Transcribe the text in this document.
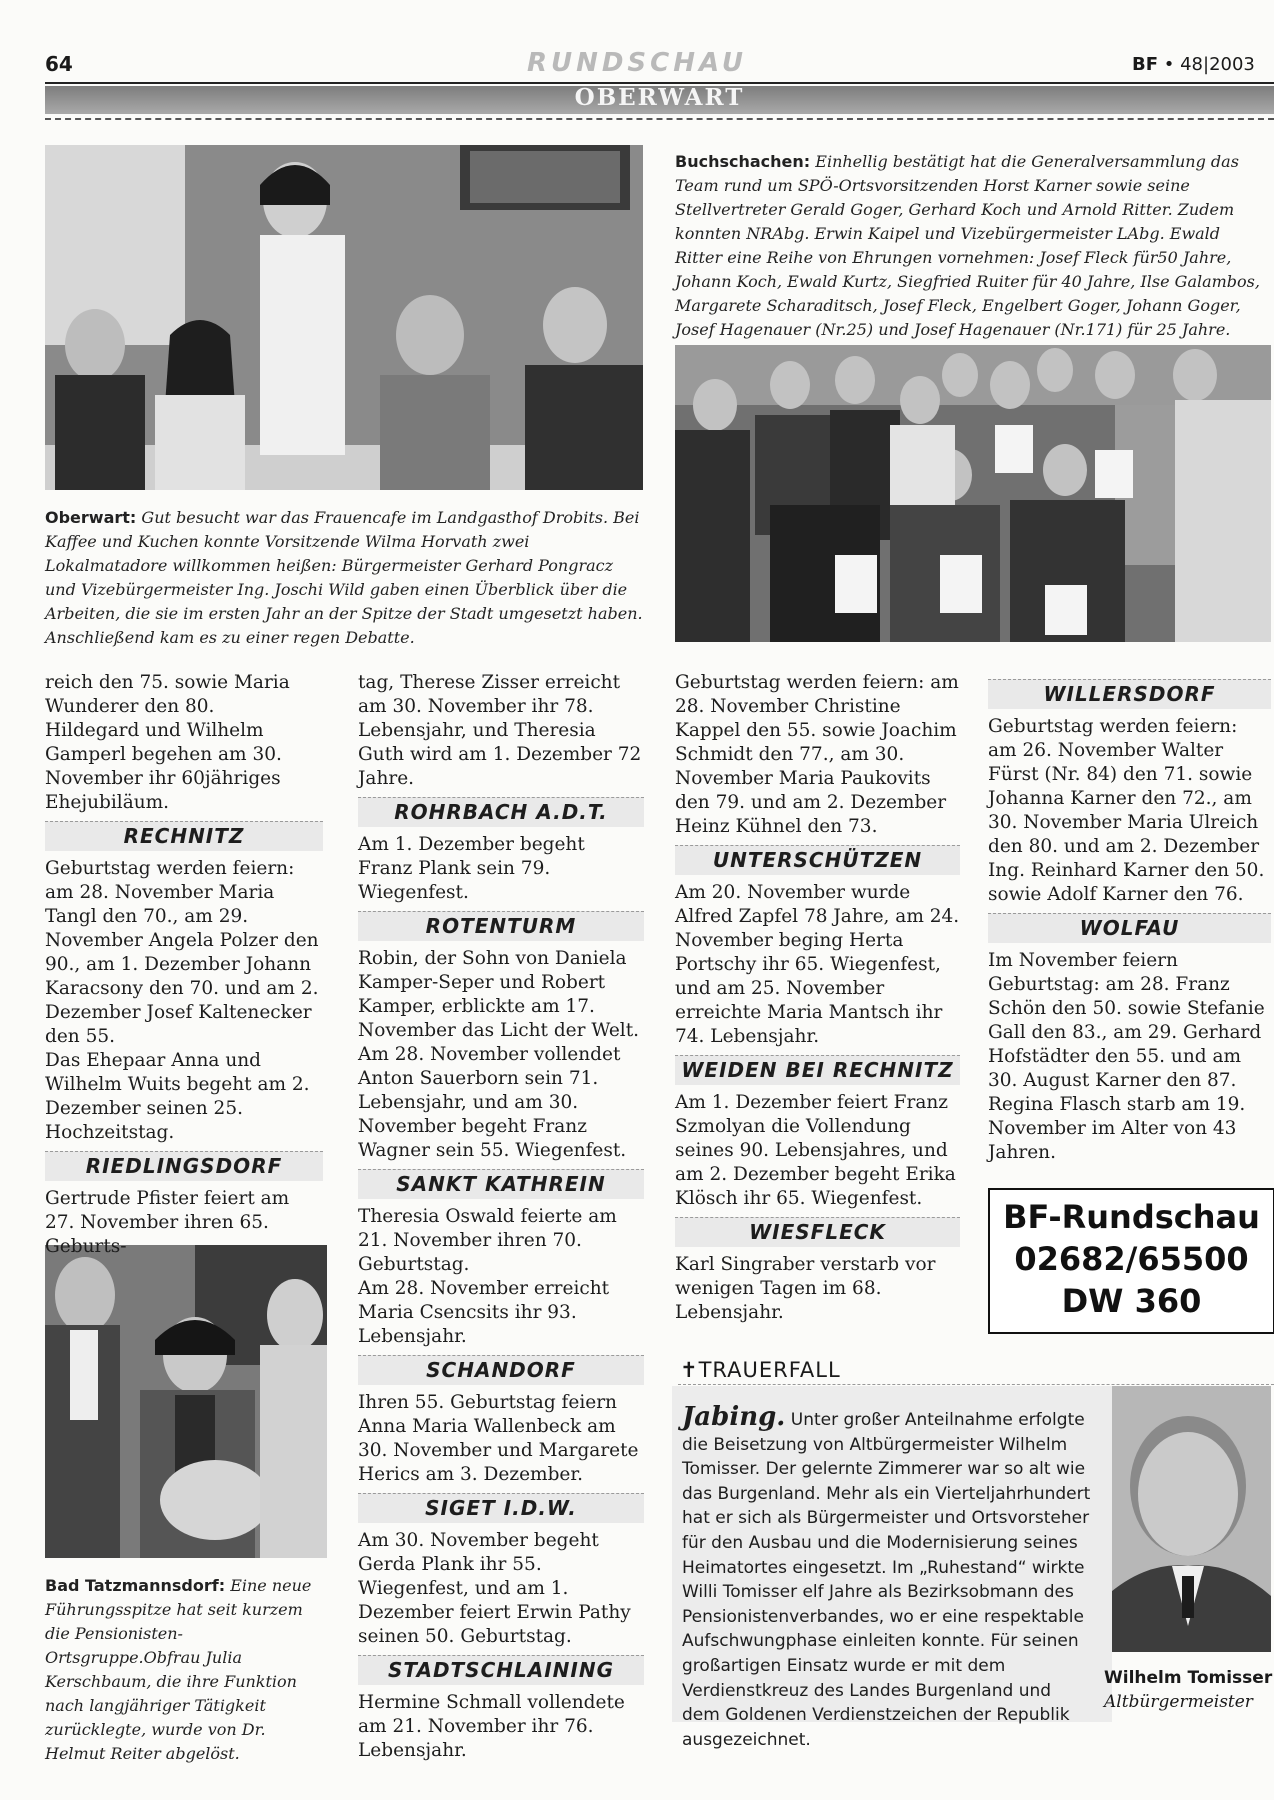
64	RUNDSCHAU	BF • 48|2003
OBERWART
Oberwart: Gut besucht war das Frauencafe im Landgasthof Drobits. Bei Kaffee und Kuchen konnte Vorsitzende Wilma Horvath zwei Lokalmatadore willkommen heißen: Bürgermeister Gerhard Pongracz und Vizebürgermeister Ing. Joschi Wild gaben einen Überblick über die Arbeiten, die sie im ersten Jahr an der Spitze der Stadt umgesetzt haben. Anschließend kam es zu einer regen Debatte.
Buchschachen: Einhellig bestätigt hat die Generalversammlung das Team rund um SPÖ-Ortsvorsitzenden Horst Karner sowie seine Stellvertreter Gerald Goger, Gerhard Koch und Arnold Ritter. Zudem konnten NRAbg. Erwin Kaipel und Vizebürgermeister LAbg. Ewald Ritter eine Reihe von Ehrungen vornehmen: Josef Fleck für50 Jahre, Johann Koch, Ewald Kurtz, Siegfried Ruiter für 40 Jahre, Ilse Galambos, Margarete Scharaditsch, Josef Fleck, Engelbert Goger, Johann Goger, Josef Hagenauer (Nr.25) und Josef Hagenauer (Nr.171) für 25 Jahre.
Bad Tatzmannsdorf: Eine neue Führungsspitze hat seit kurzem die Pensionisten-Ortsgruppe.Obfrau Julia Kerschbaum, die ihre Funktion nach langjähriger Tätigkeit zurücklegte, wurde von Dr. Helmut Reiter abgelöst.

reich den 75. sowie Maria Wunderer den 80.

Hildegard und Wilhelm Gamperl begehen am 30. November ihr 60jähriges Ehejubiläum.

RECHNITZ

Geburtstag werden feiern: am 28. November Maria Tangl den 70., am 29. November Angela Polzer den 90., am 1. Dezember Johann Karacsony den 70. und am 2. Dezember Josef Kaltenecker den 55.

Das Ehepaar Anna und Wilhelm Wuits begeht am 2. Dezember seinen 25. Hochzeitstag.

RIEDLINGSDORF

Gertrude Pfister feiert am 27. November ihren 65. Geburts-

tag, Therese Zisser erreicht am 30. November ihr 78. Lebensjahr, und Theresia Guth wird am 1. Dezember 72 Jahre.

ROHRBACH A.D.T.

Am 1. Dezember begeht Franz Plank sein 79. Wiegenfest.

ROTENTURM

Robin, der Sohn von Daniela Kamper-Seper und Robert Kamper, erblickte am 17. November das Licht der Welt.

Am 28. November vollendet Anton Sauerborn sein 71. Lebensjahr, und am 30. November begeht Franz Wagner sein 55. Wiegenfest.

SANKT KATHREIN

Theresia Oswald feierte am 21. November ihren 70. Geburtstag.

Am 28. November erreicht Maria Csencsits ihr 93. Lebensjahr.

SCHANDORF

Ihren 55. Geburtstag feiern Anna Maria Wallenbeck am 30. November und Margarete Herics am 3. Dezember.

SIGET I.D.W.

Am 30. November begeht Gerda Plank ihr 55. Wiegenfest, und am 1. Dezember feiert Erwin Pathy seinen 50. Geburtstag.

STADTSCHLAINING

Hermine Schmall vollendete am 21. November ihr 76. Lebensjahr.

Geburtstag werden feiern: am 28. November Christine Kappel den 55. sowie Joachim Schmidt den 77., am 30. November Maria Paukovits den 79. und am 2. Dezember Heinz Kühnel den 73.

UNTERSCHÜTZEN

Am 20. November wurde Alfred Zapfel 78 Jahre, am 24. November beging Herta Portschy ihr 65. Wiegenfest, und am 25. November erreichte Maria Mantsch ihr 74. Lebensjahr.

WEIDEN BEI RECHNITZ

Am 1. Dezember feiert Franz Szmolyan die Vollendung seines 90. Lebensjahres, und am 2. Dezember begeht Erika Klösch ihr 65. Wiegenfest.

WIESFLECK

Karl Singraber verstarb vor wenigen Tagen im 68. Lebensjahr.

WILLERSDORF

Geburtstag werden feiern: am 26. November Walter Fürst (Nr. 84) den 71. sowie Johanna Karner den 72., am 30. November Maria Ulreich den 80. und am 2. Dezember Ing. Reinhard Karner den 50. sowie Adolf Karner den 76.

WOLFAU

Im November feiern Geburtstag: am 28. Franz Schön den 50. sowie Stefanie Gall den 83., am 29. Gerhard Hofstädter den 55. und am 30. August Karner den 87.

Regina Flasch starb am 19. November im Alter von 43 Jahren.

BF-Rundschau
02682/65500
DW 360
✝TRAUERFALL
Jabing. Unter großer Anteilnahme erfolgte die Beisetzung von Altbürgermeister Wilhelm Tomisser. Der gelernte Zimmerer war so alt wie das Burgenland. Mehr als ein Vierteljahrhundert hat er sich als Bürgermeister und Ortsvorsteher für den Ausbau und die Modernisierung seines Heimatortes eingesetzt. Im „Ruhestand“ wirkte Willi Tomisser elf Jahre als Bezirksobmann des Pensionistenverbandes, wo er eine respektable Aufschwungphase einleiten konnte. Für seinen großartigen Einsatz wurde er mit dem Verdienstkreuz des Landes Burgenland und dem Goldenen Verdienstzeichen der Republik ausgezeichnet.
Wilhelm Tomisser
Altbürgermeister
